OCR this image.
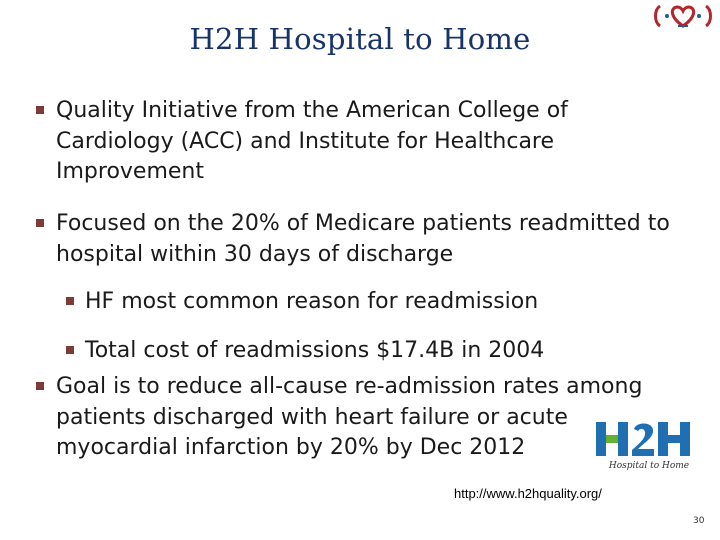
H2H Hospital to Home
Quality Initiative from the American College of Cardiology (ACC) and Institute for Healthcare Improvement
Focused on the 20% of Medicare patients readmitted to hospital within 30 days of discharge
HF most common reason for readmission
Total cost of readmissions $17.4B in 2004
Goal is to reduce all-cause re-admission rates among patients discharged with heart failure or acute myocardial infarction by 20% by Dec 2012
Hospital to Home
http://www.h2hquality.org/
30
